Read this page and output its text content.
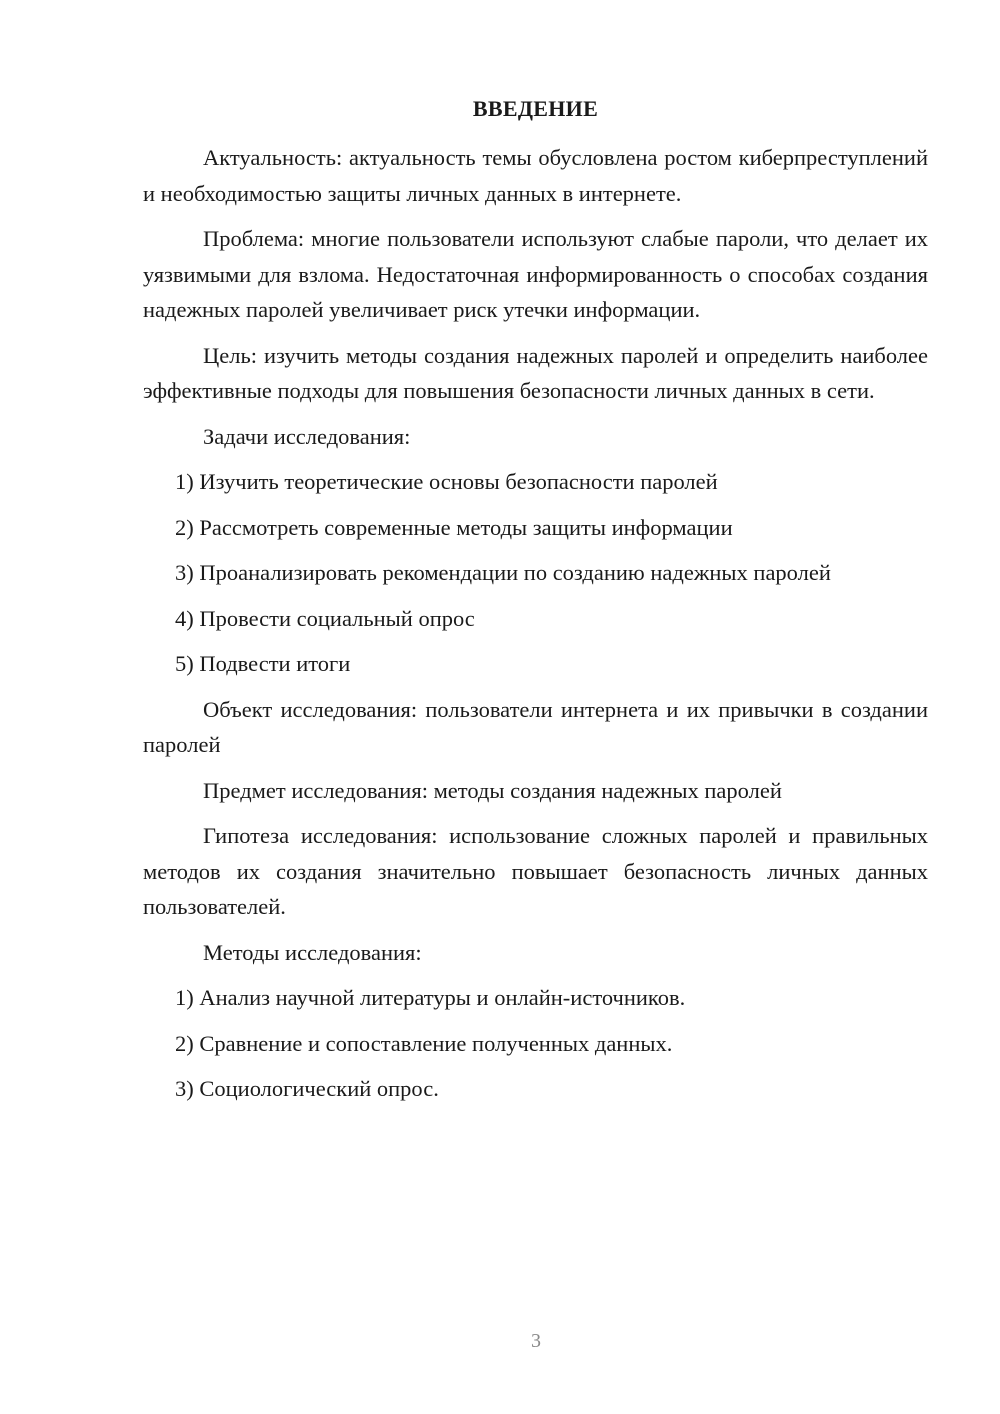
ВВЕДЕНИЕ

Актуальность: актуальность темы обусловлена ростом киберпреступлений и необходимостью защиты личных данных в интернете.

Проблема: многие пользователи используют слабые пароли, что делает их уязвимыми для взлома. Недостаточная информированность о способах создания надежных паролей увеличивает риск утечки информации.

Цель: изучить методы создания надежных паролей и определить наиболее эффективные подходы для повышения безопасности личных данных в сети.

Задачи исследования:

1) Изучить теоретические основы безопасности паролей
2) Рассмотреть современные методы защиты информации
3) Проанализировать рекомендации по созданию надежных паролей
4) Провести социальный опрос
5) Подвести итоги

Объект исследования: пользователи интернета и их привычки в создании паролей

Предмет исследования: методы создания надежных паролей

Гипотеза исследования: использование сложных паролей и правильных методов их создания значительно повышает безопасность личных данных пользователей.

Методы исследования:

1) Анализ научной литературы и онлайн-источников.
2) Сравнение и сопоставление полученных данных.
3) Социологический опрос.
3
